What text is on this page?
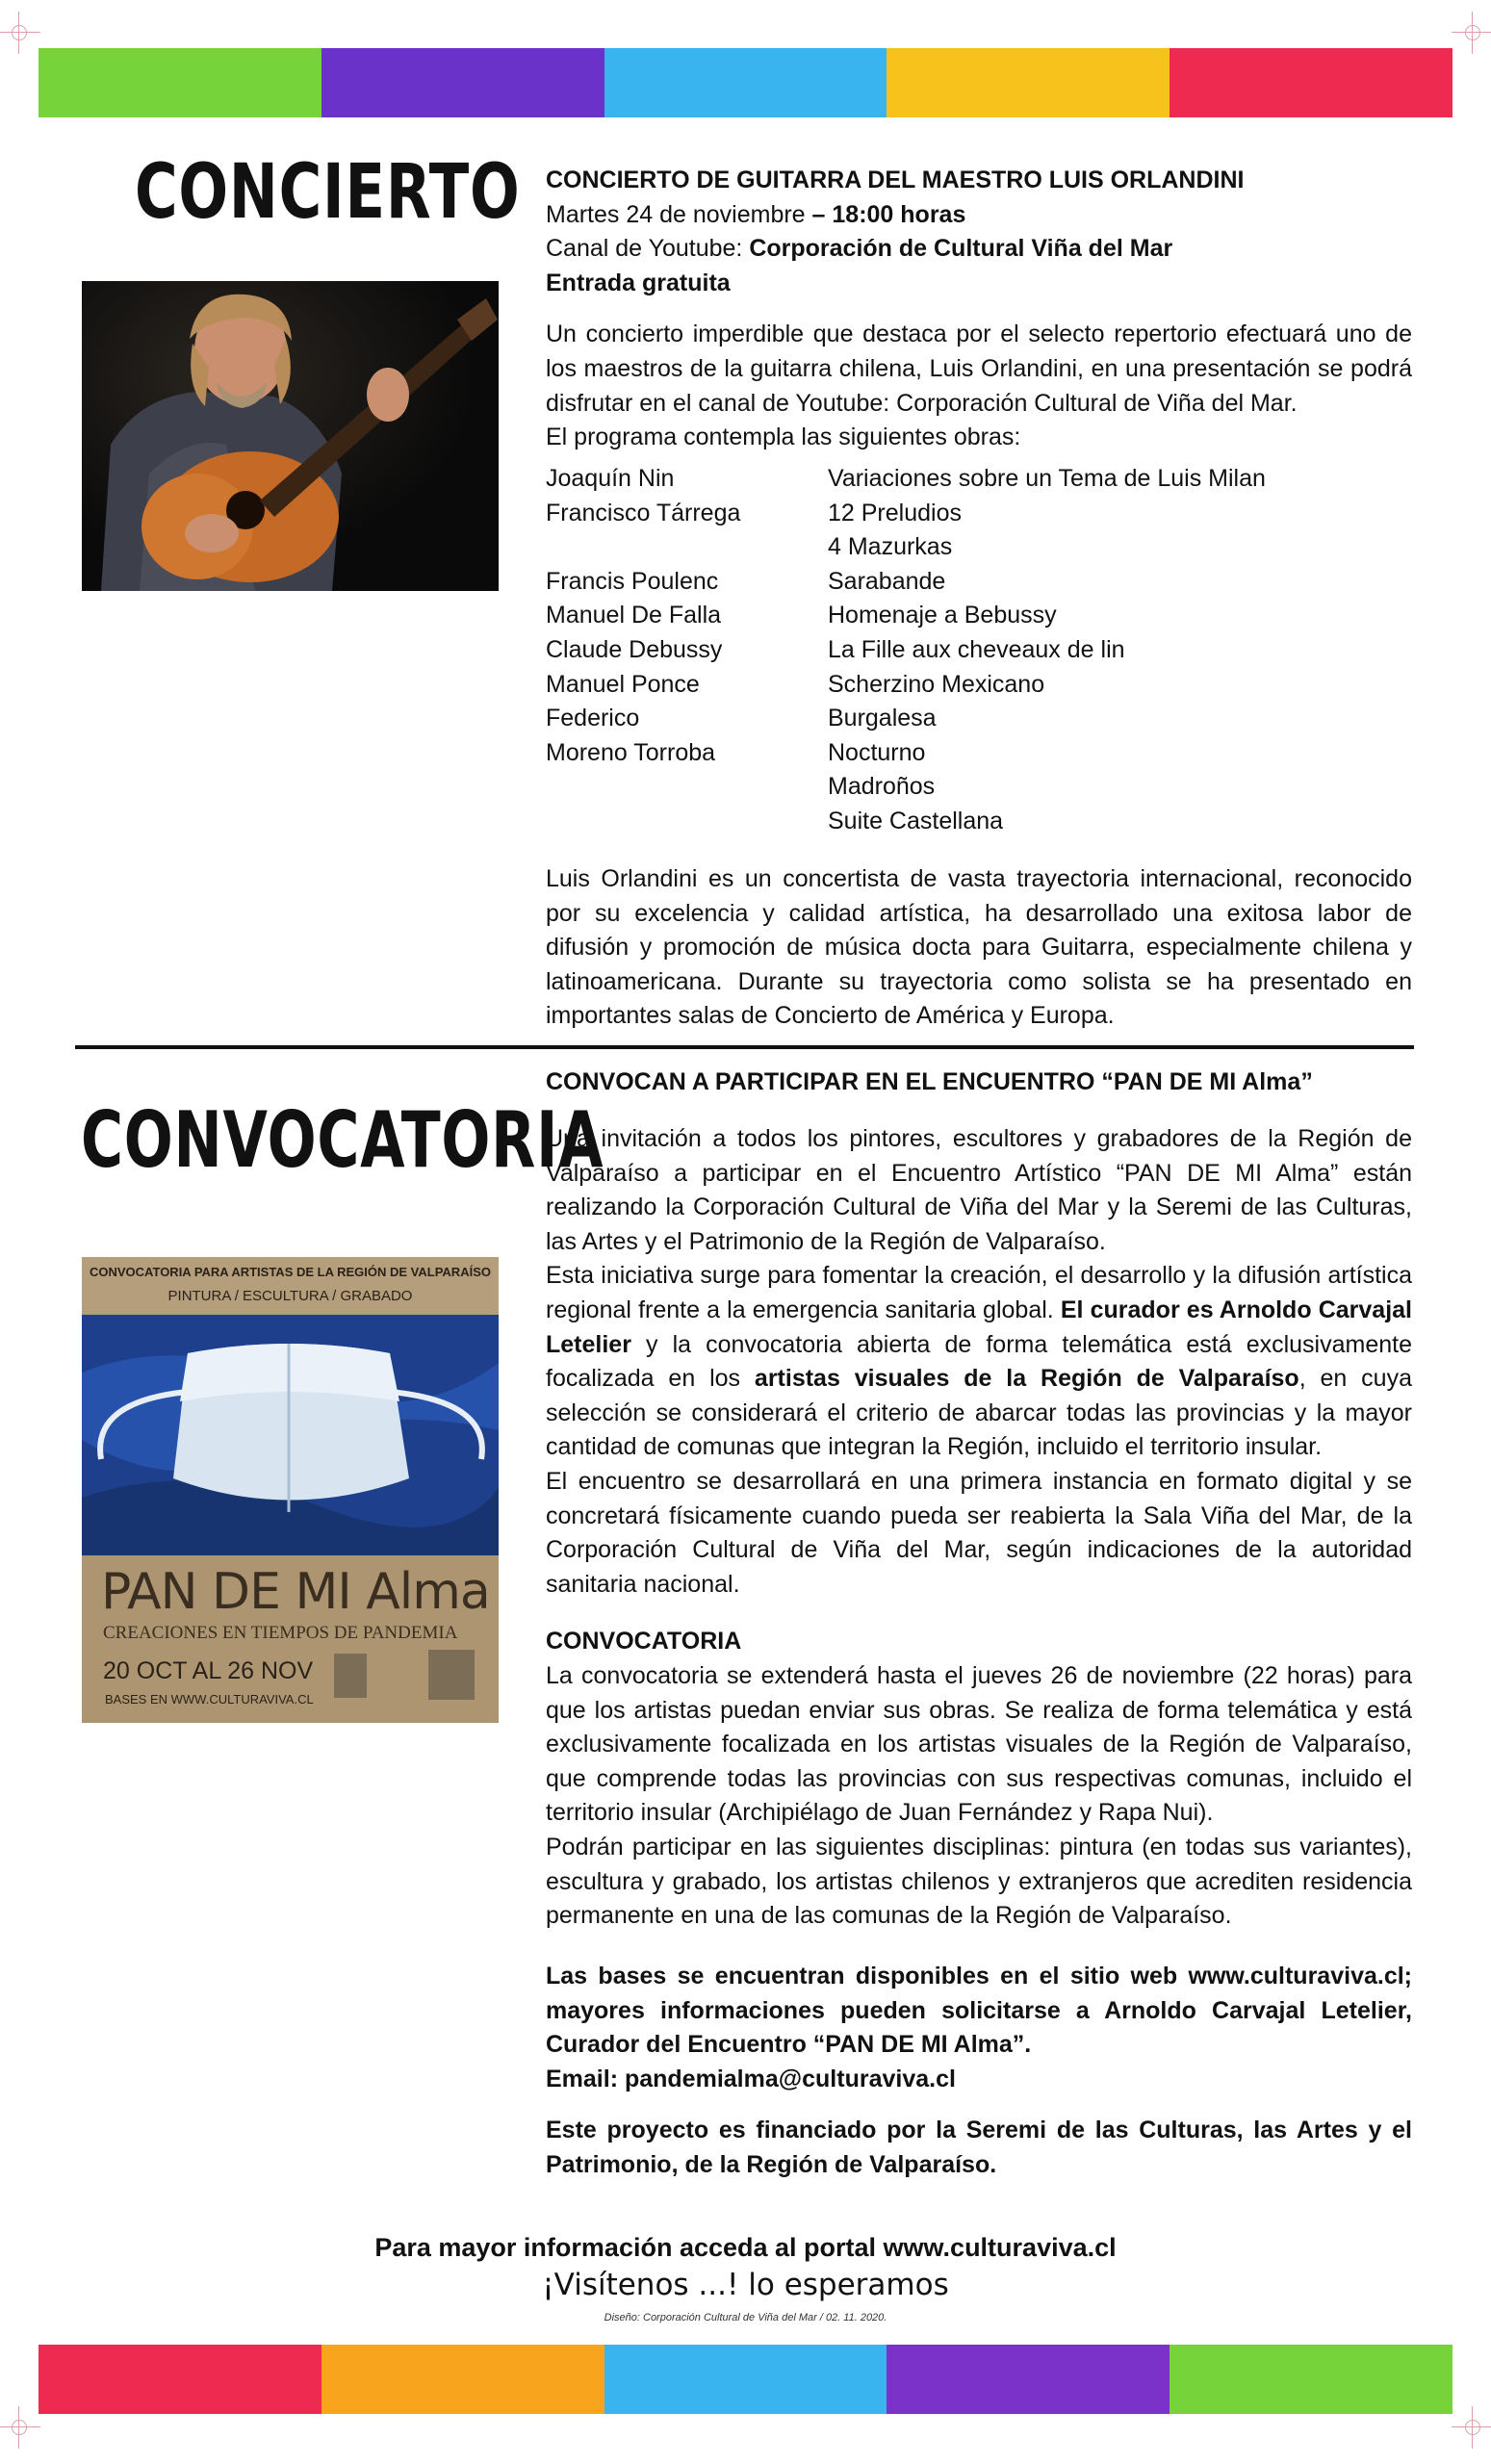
CONCIERTO CONCIERTO DE GUITARRA DEL MAESTRO LUIS ORLANDINI

Martes 24 de noviembre – 18:00 horas

Canal de Youtube: Corporación de Cultural Viña del Mar

Entrada gratuita

Un concierto imperdible que destaca por el selecto repertorio efectuará uno de los maestros de la guitarra chilena, Luis Orlandini, en una presentación se podrá disfrutar en el canal de Youtube: Corporación Cultural de Viña del Mar.

El programa contempla las siguientes obras:

Joaquín Nin	Variaciones sobre un Tema de Luis Milan
Francisco Tárrega	12 Preludios
4 Mazurkas
Francis Poulenc	Sarabande
Manuel De Falla	Homenaje a Bebussy
Claude Debussy	La Fille aux cheveaux de lin
Manuel Ponce	Scherzino Mexicano
Federico	Burgalesa
Moreno Torroba	Nocturno
Madroños
Suite Castellana

Luis Orlandini es un concertista de vasta trayectoria internacional, reconocido por su excelencia y calidad artística, ha desarrollado una exitosa labor de difusión y promoción de música docta para Guitarra, especialmente chilena y latinoamericana. Durante su trayectoria como solista se ha presentado en importantes salas de Concierto de América y Europa.

CONVOCATORIA
CONVOCATORIA PARA ARTISTAS DE LA REGIÓN DE VALPARAÍSO
PINTURA / ESCULTURA / GRABADO
PAN DE MI Alma
CREACIONES EN TIEMPOS DE PANDEMIA
20 OCT AL 26 NOV
BASES EN WWW.CULTURAVIVA.CL

CONVOCAN A PARTICIPAR EN EL ENCUENTRO “PAN DE MI Alma”

Una invitación a todos los pintores, escultores y grabadores de la Región de Valparaíso a participar en el Encuentro Artístico “PAN DE MI Alma” están realizando la Corporación Cultural de Viña del Mar y la Seremi de las Culturas, las Artes y el Patrimonio de la Región de Valparaíso.

Esta iniciativa surge para fomentar la creación, el desarrollo y la difusión artística regional frente a la emergencia sanitaria global. El curador es Arnoldo Carvajal Letelier y la convocatoria abierta de forma telemática está exclusivamente focalizada en los artistas visuales de la Región de Valparaíso, en cuya selección se considerará el criterio de abarcar todas las provincias y la mayor cantidad de comunas que integran la Región, incluido el territorio insular.

El encuentro se desarrollará en una primera instancia en formato digital y se concretará físicamente cuando pueda ser reabierta la Sala Viña del Mar, de la Corporación Cultural de Viña del Mar, según indicaciones de la autoridad sanitaria nacional.

CONVOCATORIA

La convocatoria se extenderá hasta el jueves 26 de noviembre (22 horas) para que los artistas puedan enviar sus obras. Se realiza de forma telemática y está exclusivamente focalizada en los artistas visuales de la Región de Valparaíso, que comprende todas las provincias con sus respectivas comunas, incluido el territorio insular (Archipiélago de Juan Fernández y Rapa Nui).

Podrán participar en las siguientes disciplinas: pintura (en todas sus variantes), escultura y grabado, los artistas chilenos y extranjeros que acrediten residencia permanente en una de las comunas de la Región de Valparaíso.

Las bases se encuentran disponibles en el sitio web www.culturaviva.cl; mayores informaciones pueden solicitarse a Arnoldo Carvajal Letelier, Curador del Encuentro “PAN DE MI Alma”.

Email: pandemialma@culturaviva.cl

Este proyecto es financiado por la Seremi de las Culturas, las Artes y el Patrimonio, de la Región de Valparaíso.

Para mayor información acceda al portal www.culturaviva.cl
¡Visítenos ...! lo esperamos
Diseño: Corporación Cultural de Viña del Mar / 02. 11. 2020.
